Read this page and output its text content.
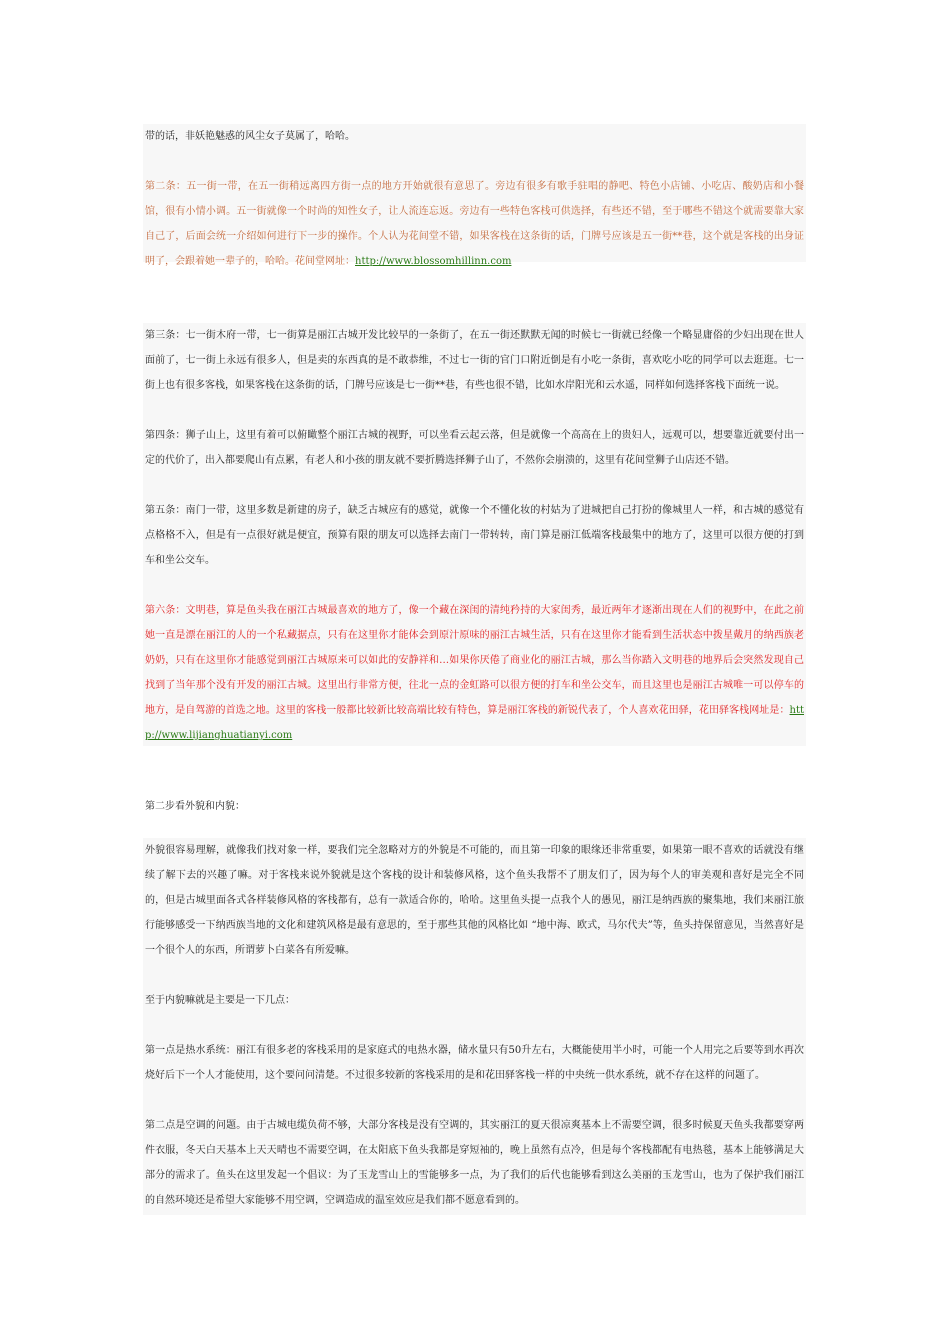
带的话，非妖艳魅惑的风尘女子莫属了，哈哈。

第二条：五一街一带，在五一街稍远离四方街一点的地方开始就很有意思了。旁边有很多有歌手驻唱的静吧、特色小店铺、小吃店、酸奶店和小餐馆，很有小情小调。五一街就像一个时尚的知性女子，让人流连忘返。旁边有一些特色客栈可供选择，有些还不错，至于哪些不错这个就需要靠大家自己了，后面会统一介绍如何进行下一步的操作。个人认为花间堂不错，如果客栈在这条街的话，门牌号应该是五一街**巷，这个就是客栈的出身证明了，会跟着她一辈子的，哈哈。花间堂网址：http://www.blossomhillinn.com

第三条：七一街木府一带，七一街算是丽江古城开发比较早的一条街了，在五一街还默默无闻的时候七一街就已经像一个略显庸俗的少妇出现在世人面前了，七一街上永远有很多人，但是卖的东西真的是不敢恭维，不过七一街的官门口附近倒是有小吃一条街，喜欢吃小吃的同学可以去逛逛。七一街上也有很多客栈，如果客栈在这条街的话，门牌号应该是七一街**巷，有些也很不错，比如水岸阳光和云水遥，同样如何选择客栈下面统一说。

第四条：狮子山上，这里有着可以俯瞰整个丽江古城的视野，可以坐看云起云落，但是就像一个高高在上的贵妇人，远观可以，想要靠近就要付出一定的代价了，出入都要爬山有点累，有老人和小孩的朋友就不要折腾选择狮子山了，不然你会崩溃的，这里有花间堂狮子山店还不错。

第五条：南门一带，这里多数是新建的房子，缺乏古城应有的感觉，就像一个不懂化妆的村姑为了进城把自己打扮的像城里人一样，和古城的感觉有点格格不入，但是有一点很好就是便宜，预算有限的朋友可以选择去南门一带转转，南门算是丽江低端客栈最集中的地方了，这里可以很方便的打到车和坐公交车。

第六条：文明巷，算是鱼头我在丽江古城最喜欢的地方了，像一个藏在深闺的清纯矜持的大家闺秀，最近两年才逐渐出现在人们的视野中，在此之前她一直是漂在丽江的人的一个私藏据点，只有在这里你才能体会到原汁原味的丽江古城生活，只有在这里你才能看到生活状态中拨星戴月的纳西族老奶奶，只有在这里你才能感觉到丽江古城原来可以如此的安静祥和…如果你厌倦了商业化的丽江古城，那么当你踏入文明巷的地界后会突然发现自己找到了当年那个没有开发的丽江古城。这里出行非常方便，往北一点的金虹路可以很方便的打车和坐公交车，而且这里也是丽江古城唯一可以停车的地方，是自驾游的首选之地。这里的客栈一般都比较新比较高端比较有特色，算是丽江客栈的新锐代表了，个人喜欢花田驿，花田驿客栈网址是：http://www.lijianghuatianyi.com

第二步看外貌和内貌：

外貌很容易理解，就像我们找对象一样，要我们完全忽略对方的外貌是不可能的，而且第一印象的眼缘还非常重要，如果第一眼不喜欢的话就没有继续了解下去的兴趣了嘛。对于客栈来说外貌就是这个客栈的设计和装修风格，这个鱼头我帮不了朋友们了，因为每个人的审美观和喜好是完全不同的，但是古城里面各式各样装修风格的客栈都有，总有一款适合你的，哈哈。这里鱼头提一点我个人的愚见，丽江是纳西族的聚集地，我们来丽江旅行能够感受一下纳西族当地的文化和建筑风格是最有意思的，至于那些其他的风格比如 “地中海、欧式，马尔代夫”等，鱼头持保留意见，当然喜好是一个很个人的东西，所谓萝卜白菜各有所爱嘛。

至于内貌嘛就是主要是一下几点：

第一点是热水系统：丽江有很多老的客栈采用的是家庭式的电热水器，储水量只有50升左右，大概能使用半小时，可能一个人用完之后要等到水再次烧好后下一个人才能使用，这个要问问清楚。不过很多较新的客栈采用的是和花田驿客栈一样的中央统一供水系统，就不存在这样的问题了。

第二点是空调的问题。由于古城电缆负荷不够，大部分客栈是没有空调的，其实丽江的夏天很凉爽基本上不需要空调，很多时候夏天鱼头我都要穿两件衣服，冬天白天基本上天天晴也不需要空调，在太阳底下鱼头我都是穿短袖的，晚上虽然有点冷，但是每个客栈都配有电热毯，基本上能够满足大部分的需求了。鱼头在这里发起一个倡议：为了玉龙雪山上的雪能够多一点，为了我们的后代也能够看到这么美丽的玉龙雪山，也为了保护我们丽江的自然环境还是希望大家能够不用空调，空调造成的温室效应是我们都不愿意看到的。
